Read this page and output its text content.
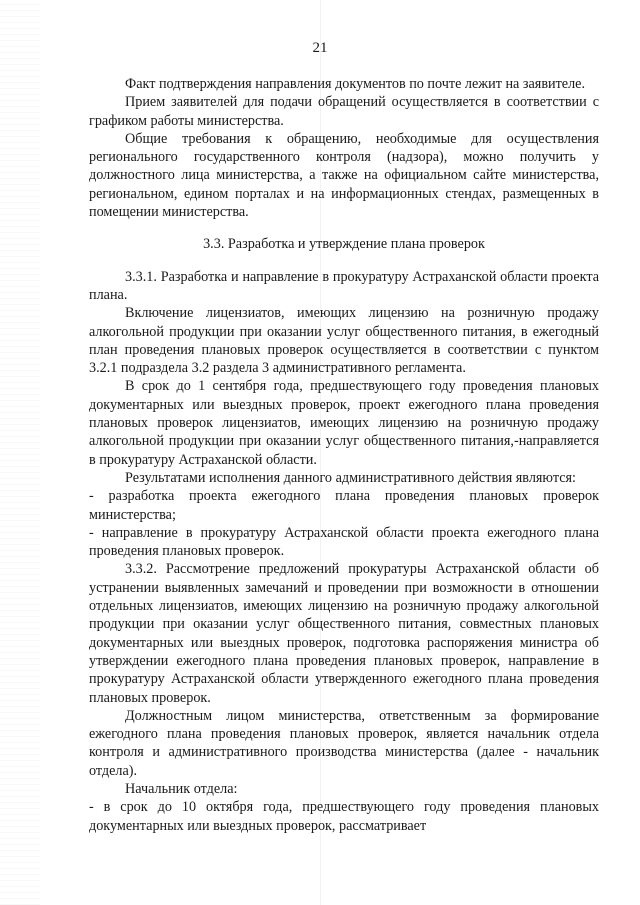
21

Факт подтверждения направления документов по почте лежит на заявителе.

Прием заявителей для подачи обращений осуществляется в соответствии с графиком работы министерства.

Общие требования к обращению, необходимые для осуществления регионального государственного контроля (надзора), можно получить у должностного лица министерства, а также на официальном сайте министерства, региональном, едином порталах и на информационных стендах, размещенных в помещении министерства.

3.3. Разработка и утверждение плана проверок

3.3.1. Разработка и направление в прокуратуру Астраханской области проекта плана.

Включение лицензиатов, имеющих лицензию на розничную продажу алкогольной продукции при оказании услуг общественного питания, в ежегодный план проведения плановых проверок осуществляется в соответствии с пунктом 3.2.1 подраздела 3.2 раздела 3 административного регламента.

В срок до 1 сентября года, предшествующего году проведения плановых документарных или выездных проверок, проект ежегодного плана проведения плановых проверок лицензиатов, имеющих лицензию на розничную продажу алкогольной продукции при оказании услуг общественного питания,-направляется в прокуратуру Астраханской области.

Результатами исполнения данного административного действия являются:

- разработка проекта ежегодного плана проведения плановых проверок министерства;

- направление в прокуратуру Астраханской области проекта ежегодного плана проведения плановых проверок.

3.3.2. Рассмотрение предложений прокуратуры Астраханской области об устранении выявленных замечаний и проведении при возможности в отношении отдельных лицензиатов, имеющих лицензию на розничную продажу алкогольной продукции при оказании услуг общественного питания, совместных плановых документарных или выездных проверок, подготовка распоряжения министра об утверждении ежегодного плана проведения плановых проверок, направление в прокуратуру Астраханской области утвержденного ежегодного плана проведения плановых проверок.

Должностным лицом министерства, ответственным за формирование ежегодного плана проведения плановых проверок, является начальник отдела контроля и административного производства министерства (далее - начальник отдела).

Начальник отдела:

- в срок до 10 октября года, предшествующего году проведения плановых документарных или выездных проверок, рассматривает
